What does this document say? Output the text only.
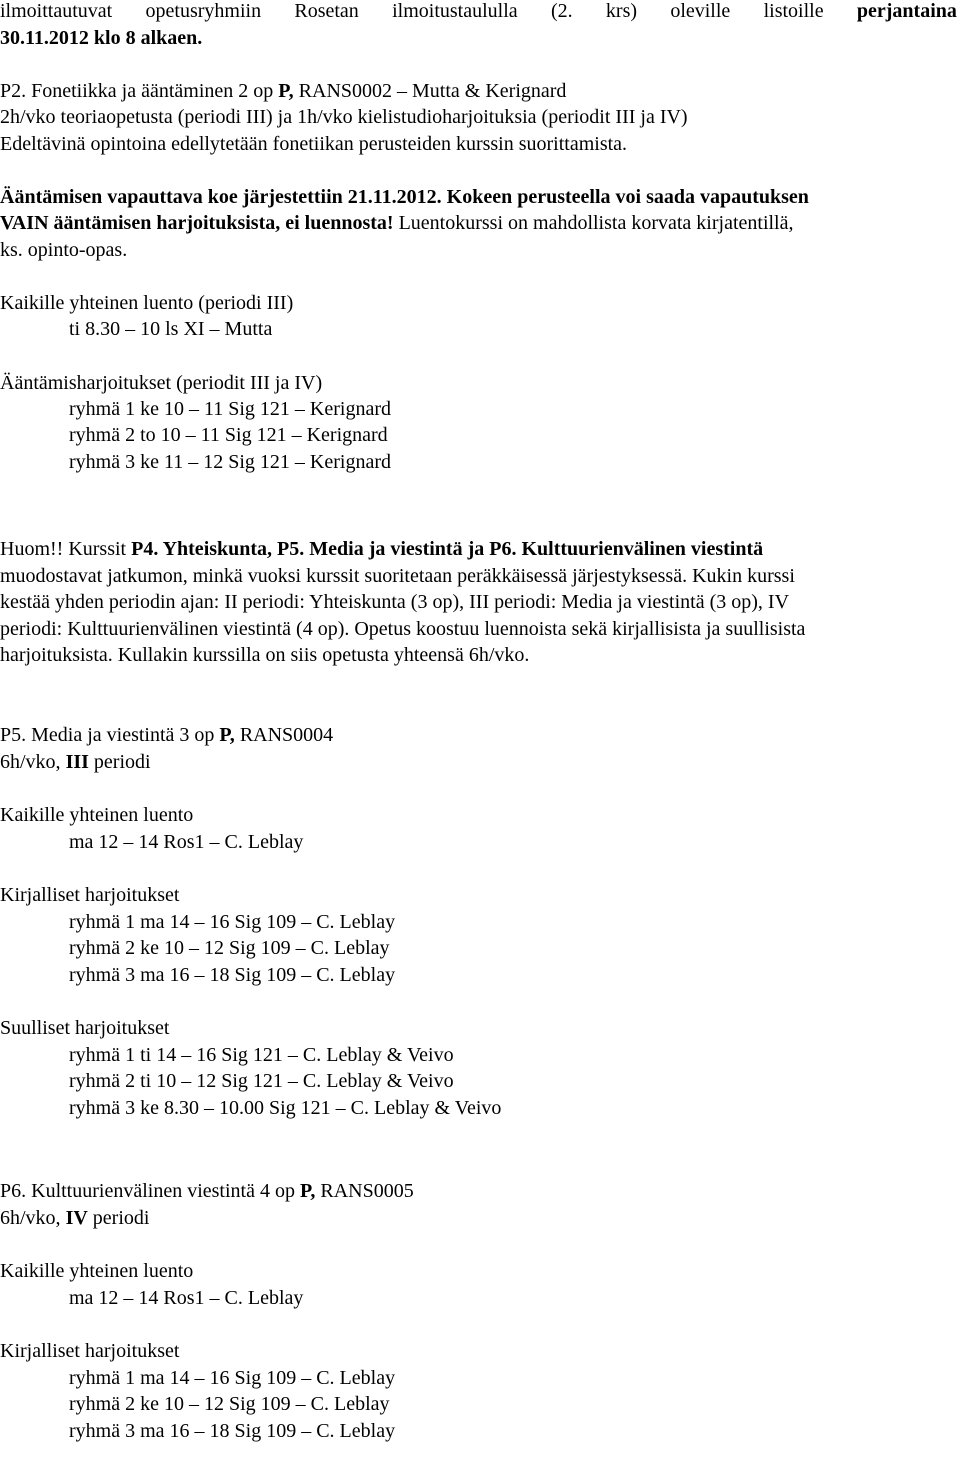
ilmoittautuvat opetusryhmiin Rosetan ilmoitustaululla (2. krs) oleville listoille perjantaina
30.11.2012 klo 8 alkaen.
P2. Fonetiikka ja ääntäminen 2 op P, RANS0002 – Mutta & Kerignard
2h/vko teoriaopetusta (periodi III) ja 1h/vko kielistudioharjoituksia (periodit III ja IV)
Edeltävinä opintoina edellytetään fonetiikan perusteiden kurssin suorittamista.
Ääntämisen vapauttava koe järjestettiin 21.11.2012. Kokeen perusteella voi saada vapautuksen
VAIN ääntämisen harjoituksista, ei luennosta! Luentokurssi on mahdollista korvata kirjatentillä,
ks. opinto-opas.
Kaikille yhteinen luento (periodi III)
ti 8.30 – 10 ls XI – Mutta
Ääntämisharjoitukset (periodit III ja IV)
ryhmä 1 ke 10 – 11 Sig 121 – Kerignard
ryhmä 2 to 10 – 11 Sig 121 – Kerignard
ryhmä 3 ke 11 – 12 Sig 121 – Kerignard
Huom!! Kurssit P4. Yhteiskunta, P5. Media ja viestintä ja P6. Kulttuurienvälinen viestintä
muodostavat jatkumon, minkä vuoksi kurssit suoritetaan peräkkäisessä järjestyksessä. Kukin kurssi
kestää yhden periodin ajan: II periodi: Yhteiskunta (3 op), III periodi: Media ja viestintä (3 op), IV
periodi: Kulttuurienvälinen viestintä (4 op). Opetus koostuu luennoista sekä kirjallisista ja suullisista
harjoituksista. Kullakin kurssilla on siis opetusta yhteensä 6h/vko.
P5. Media ja viestintä 3 op P, RANS0004
6h/vko, III periodi
Kaikille yhteinen luento
ma 12 – 14 Ros1 – C. Leblay
Kirjalliset harjoitukset
ryhmä 1 ma 14 – 16 Sig 109 – C. Leblay
ryhmä 2 ke 10 – 12 Sig 109 – C. Leblay
ryhmä 3 ma 16 – 18 Sig 109 – C. Leblay
Suulliset harjoitukset
ryhmä 1 ti 14 – 16 Sig 121 – C. Leblay & Veivo
ryhmä 2 ti 10 – 12 Sig 121 – C. Leblay & Veivo
ryhmä 3 ke 8.30 – 10.00 Sig 121 – C. Leblay & Veivo
P6. Kulttuurienvälinen viestintä 4 op P, RANS0005
6h/vko, IV periodi
Kaikille yhteinen luento
ma 12 – 14 Ros1 – C. Leblay
Kirjalliset harjoitukset
ryhmä 1 ma 14 – 16 Sig 109 – C. Leblay
ryhmä 2 ke 10 – 12 Sig 109 – C. Leblay
ryhmä 3 ma 16 – 18 Sig 109 – C. Leblay
